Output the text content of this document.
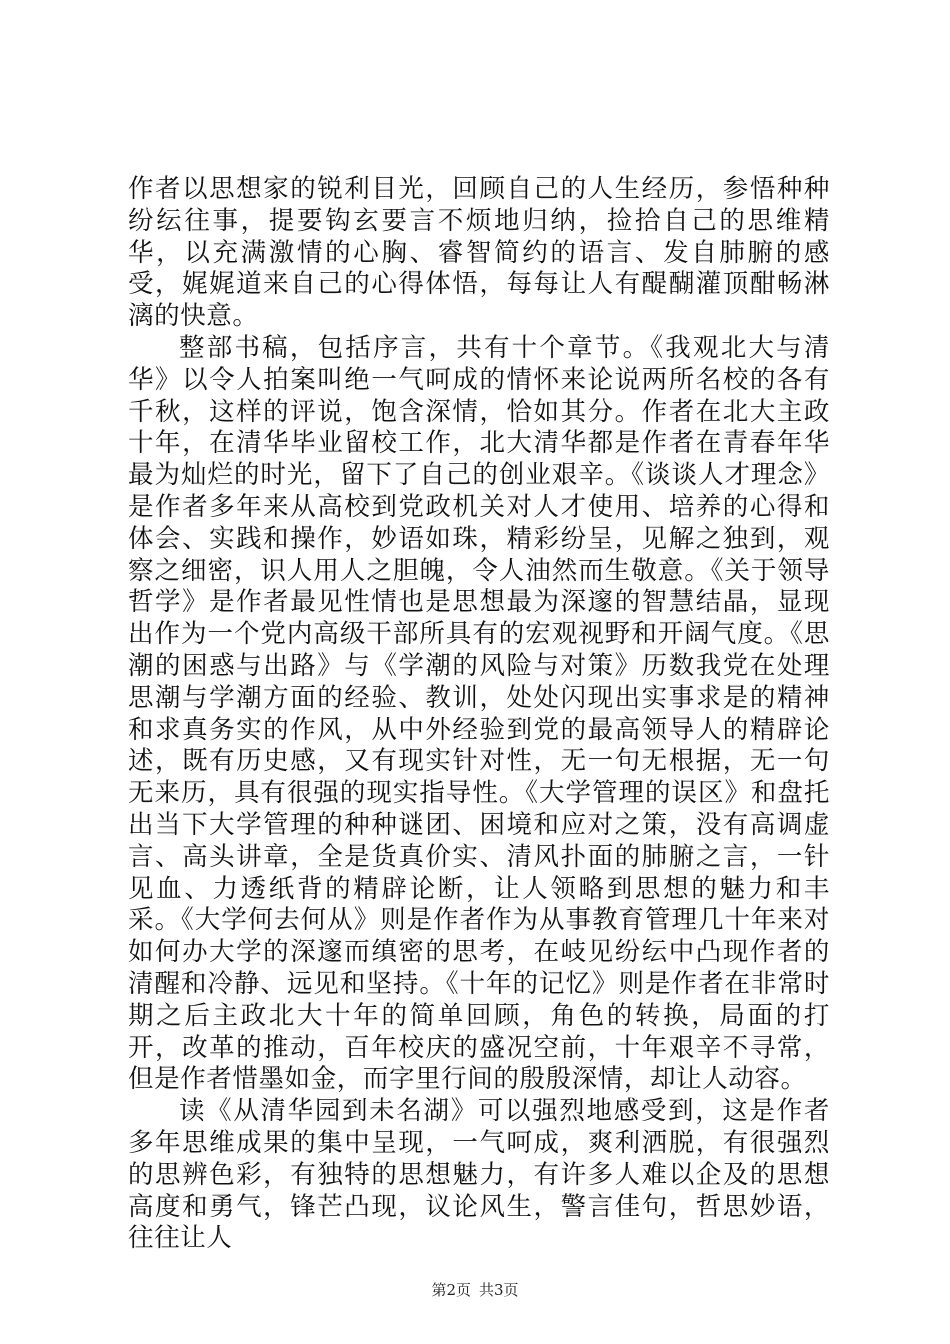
作者以思想家的锐利目光，回顾自己的人生经历，参悟种种纷纭往事，提要钩玄要言不烦地归纳，捡拾自己的思维精华，以充满激情的心胸、睿智简约的语言、发自肺腑的感受，娓娓道来自己的心得体悟，每每让人有醍醐灌顶酣畅淋漓的快意。

整部书稿，包括序言，共有十个章节。《我观北大与清华》以令人拍案叫绝一气呵成的情怀来论说两所名校的各有千秋，这样的评说，饱含深情，恰如其分。作者在北大主政十年，在清华毕业留校工作，北大清华都是作者在青春年华最为灿烂的时光，留下了自己的创业艰辛。《谈谈人才理念》是作者多年来从高校到党政机关对人才使用、培养的心得和体会、实践和操作，妙语如珠，精彩纷呈，见解之独到，观察之细密，识人用人之胆魄，令人油然而生敬意。《关于领导哲学》是作者最见性情也是思想最为深邃的智慧结晶，显现出作为一个党内高级干部所具有的宏观视野和开阔气度。《思潮的困惑与出路》与《学潮的风险与对策》历数我党在处理思潮与学潮方面的经验、教训，处处闪现出实事求是的精神和求真务实的作风，从中外经验到党的最高领导人的精辟论述，既有历史感，又有现实针对性，无一句无根据，无一句无来历，具有很强的现实指导性。《大学管理的误区》和盘托出当下大学管理的种种谜团、困境和应对之策，没有高调虚言、高头讲章，全是货真价实、清风扑面的肺腑之言，一针见血、力透纸背的精辟论断，让人领略到思想的魅力和丰采。《大学何去何从》则是作者作为从事教育管理几十年来对如何办大学的深邃而缜密的思考，在岐见纷纭中凸现作者的清醒和冷静、远见和坚持。《十年的记忆》则是作者在非常时期之后主政北大十年的简单回顾，角色的转换，局面的打开，改革的推动，百年校庆的盛况空前，十年艰辛不寻常，但是作者惜墨如金，而字里行间的殷殷深情，却让人动容。

读《从清华园到未名湖》可以强烈地感受到，这是作者多年思维成果的集中呈现，一气呵成，爽利洒脱，有很强烈的思辨色彩，有独特的思想魅力，有许多人难以企及的思想高度和勇气，锋芒凸现，议论风生，警言佳句，哲思妙语，往往让人

第2页 共3页
